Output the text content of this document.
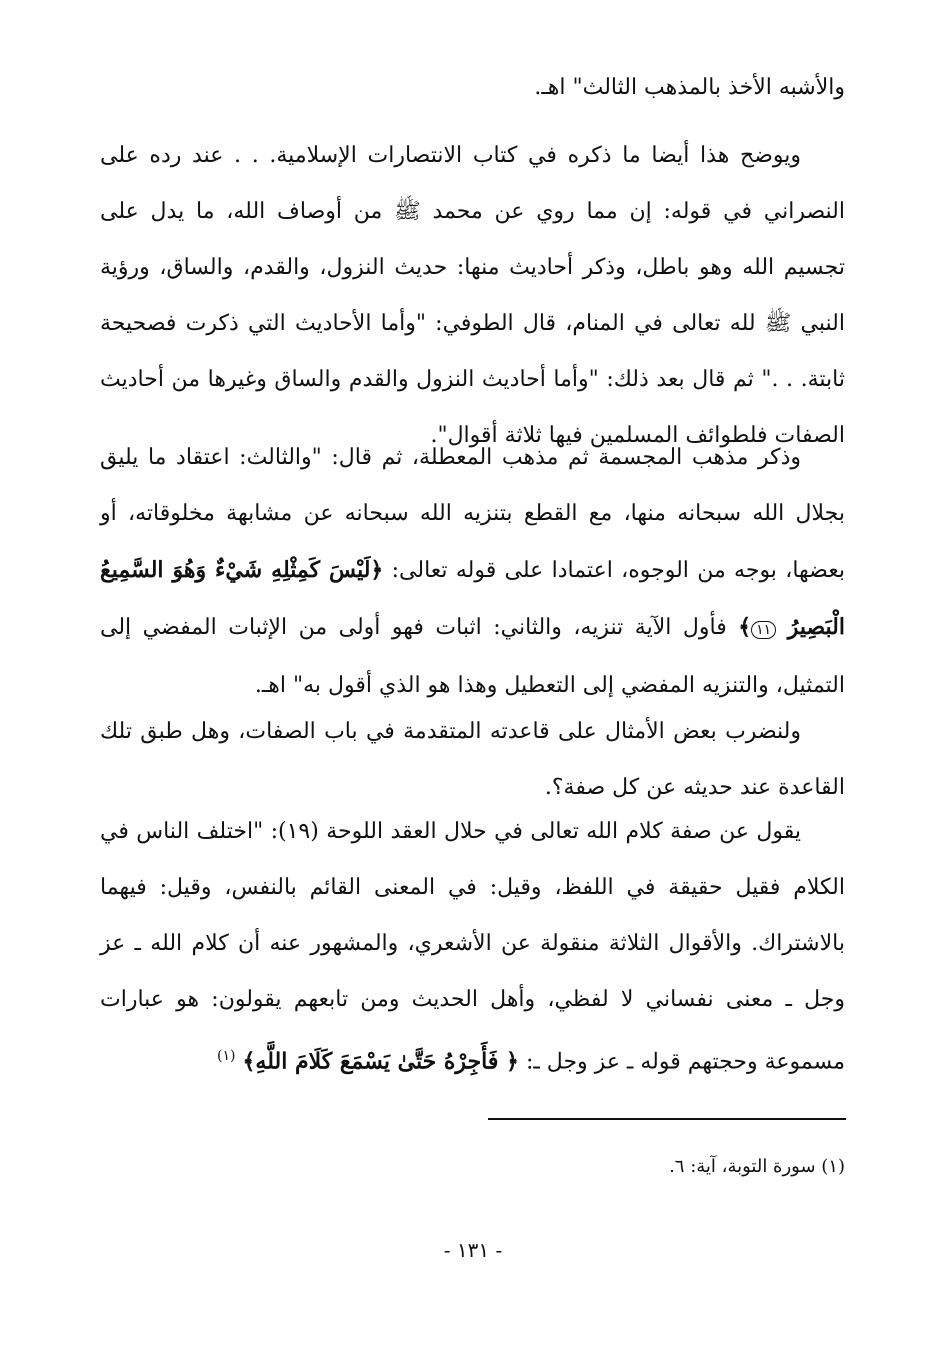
والأشبه الأخذ بالمذهب الثالث" اهـ.

ويوضح هذا أيضا ما ذكره في كتاب الانتصارات الإسلامية. . . عند رده على النصراني في قوله: إن مما روي عن محمد ﷺ من أوصاف الله، ما يدل على تجسيم الله وهو باطل، وذكر أحاديث منها: حديث النزول، والقدم، والساق، ورؤية النبي ﷺ لله تعالى في المنام، قال الطوفي: "وأما الأحاديث التي ذكرت فصحيحة ثابتة. . ." ثم قال بعد ذلك: "وأما أحاديث النزول والقدم والساق وغيرها من أحاديث الصفات فلطوائف المسلمين فيها ثلاثة أقوال".

وذكر مذهب المجسمة ثم مذهب المعطلة، ثم قال: "والثالث: اعتقاد ما يليق بجلال الله سبحانه منها، مع القطع بتنزيه الله سبحانه عن مشابهة مخلوقاته، أو بعضها، بوجه من الوجوه، اعتمادا على قوله تعالى: ﴿لَيْسَ كَمِثْلِهِ شَيْءٌ وَهُوَ السَّمِيعُ الْبَصِيرُ ١١﴾ فأول الآية تنزيه، والثاني: اثبات فهو أولى من الإثبات المفضي إلى التمثيل، والتنزيه المفضي إلى التعطيل وهذا هو الذي أقول به" اهـ.

ولنضرب بعض الأمثال على قاعدته المتقدمة في باب الصفات، وهل طبق تلك القاعدة عند حديثه عن كل صفة؟.

يقول عن صفة كلام الله تعالى في حلال العقد اللوحة (١٩): "اختلف الناس في الكلام فقيل حقيقة في اللفظ، وقيل: في المعنى القائم بالنفس، وقيل: فيهما بالاشتراك. والأقوال الثلاثة منقولة عن الأشعري، والمشهور عنه أن كلام الله ـ عز وجل ـ معنى نفساني لا لفظي، وأهل الحديث ومن تابعهم يقولون: هو عبارات مسموعة وحجتهم قوله ـ عز وجل ـ: ﴿ فَأَجِرْهُ حَتَّىٰ يَسْمَعَ كَلَامَ اللَّهِ﴾ $^{(١)}$

(١) سورة التوبة، آية: ٦.
- ١٣١ -
